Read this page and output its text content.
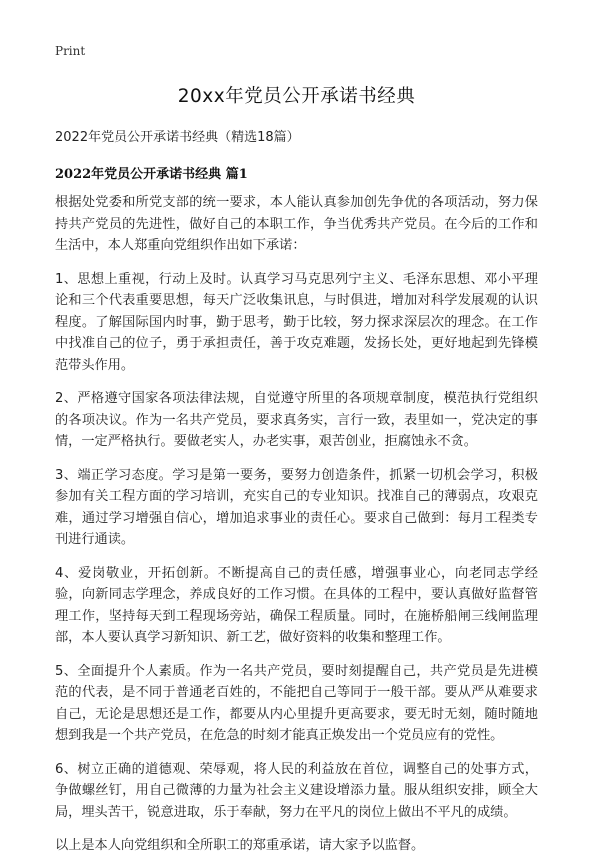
Print
20xx年党员公开承诺书经典
2022年党员公开承诺书经典（精选18篇）
2022年党员公开承诺书经典 篇1

根据处党委和所党支部的统一要求，本人能认真参加创先争优的各项活动，努力保持共产党员的先进性，做好自己的本职工作，争当优秀共产党员。在今后的工作和生活中，本人郑重向党组织作出如下承诺：

1、思想上重视，行动上及时。认真学习马克思列宁主义、毛泽东思想、邓小平理论和三个代表重要思想，每天广泛收集讯息，与时俱进，增加对科学发展观的认识程度。了解国际国内时事，勤于思考，勤于比较，努力探求深层次的理念。在工作中找准自己的位子，勇于承担责任，善于攻克难题，发扬长处，更好地起到先锋模范带头作用。

2、严格遵守国家各项法律法规，自觉遵守所里的各项规章制度，模范执行党组织的各项决议。作为一名共产党员，要求真务实，言行一致，表里如一，党决定的事情，一定严格执行。要做老实人，办老实事，艰苦创业，拒腐蚀永不贪。

3、端正学习态度。学习是第一要务，要努力创造条件，抓紧一切机会学习，积极参加有关工程方面的学习培训，充实自己的专业知识。找准自己的薄弱点，攻艰克难，通过学习增强自信心，增加追求事业的责任心。要求自己做到：每月工程类专刊进行通读。

4、爱岗敬业，开拓创新。不断提高自己的责任感，增强事业心，向老同志学经验，向新同志学理念，养成良好的工作习惯。在具体的工程中，要认真做好监督管理工作，坚持每天到工程现场旁站，确保工程质量。同时，在施桥船闸三线闸监理部，本人要认真学习新知识、新工艺，做好资料的收集和整理工作。

5、全面提升个人素质。作为一名共产党员，要时刻提醒自己，共产党员是先进模范的代表，是不同于普通老百姓的，不能把自己等同于一般干部。要从严从难要求自己，无论是思想还是工作，都要从内心里提升更高要求，要无时无刻，随时随地想到我是一个共产党员，在危急的时刻才能真正焕发出一个党员应有的党性。

6、树立正确的道德观、荣辱观，将人民的利益放在首位，调整自己的处事方式，争做螺丝钉，用自己微薄的力量为社会主义建设增添力量。服从组织安排，顾全大局，埋头苦干，锐意进取，乐于奉献，努力在平凡的岗位上做出不平凡的成绩。

以上是本人向党组织和全所职工的郑重承诺，请大家予以监督。
